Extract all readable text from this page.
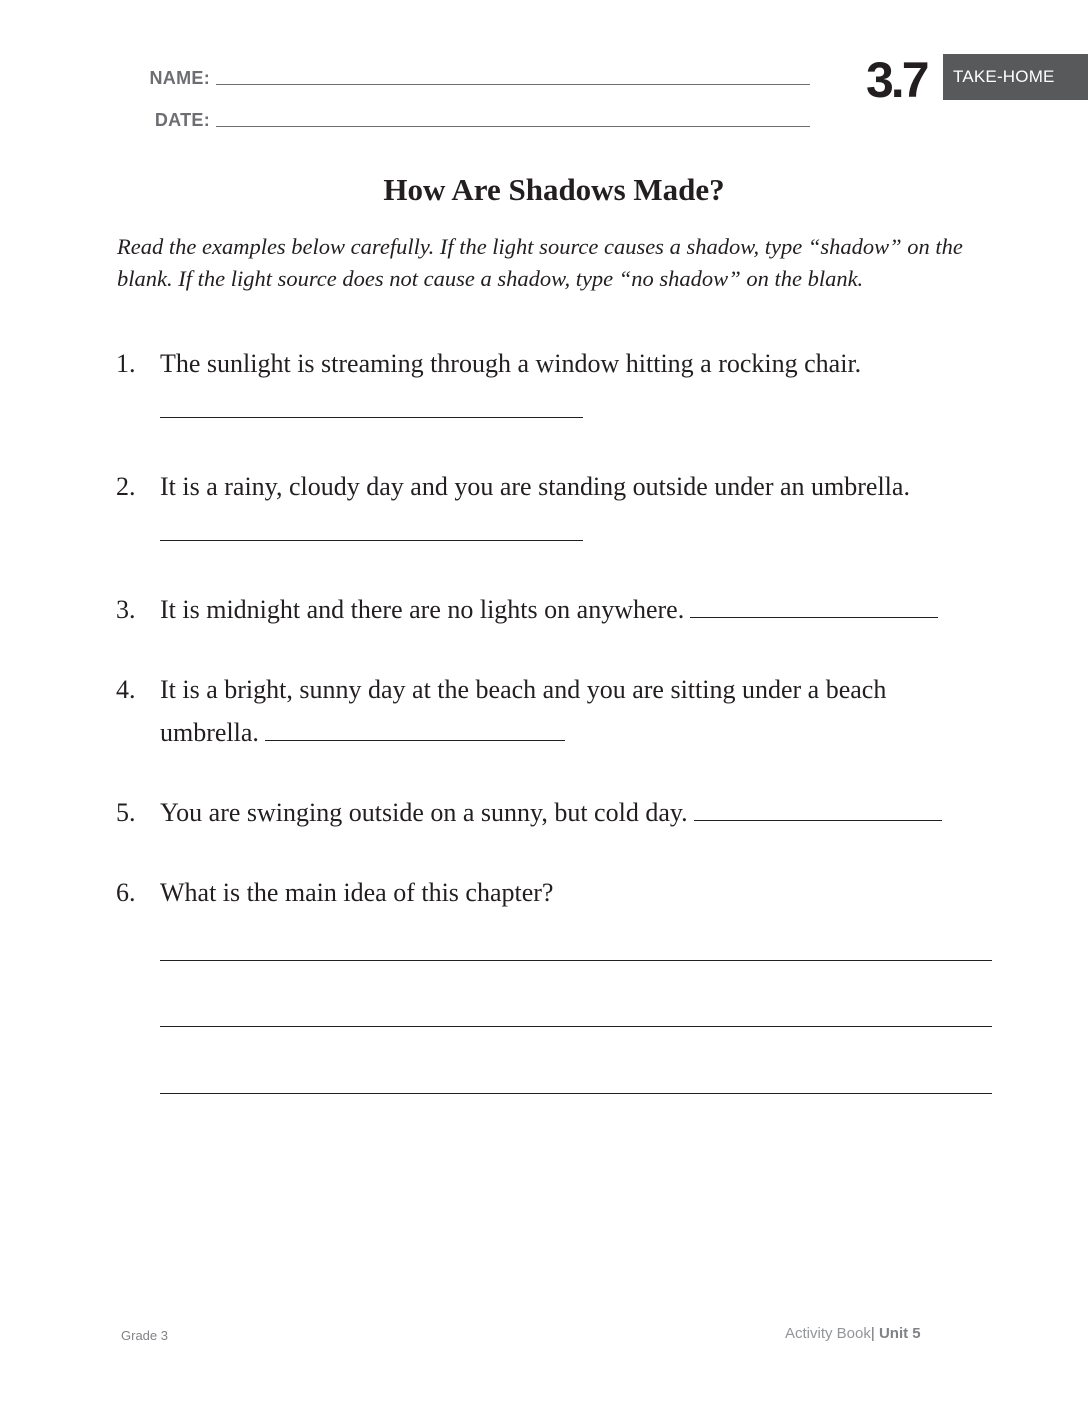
NAME:
DATE:
3.7	TAKE-HOME
How Are Shadows Made?
Read the examples below carefully. If the light source causes a shadow, type “shadow” on the blank. If the light source does not cause a shadow, type “no shadow” on the blank.
1. The sunlight is streaming through a window hitting a rocking chair.
2. It is a rainy, cloudy day and you are standing outside under an umbrella.
3. It is midnight and there are no lights on anywhere.
4. It is a bright, sunny day at the beach and you are sitting under a beach umbrella.
5. You are swinging outside on a sunny, but cold day.
6. What is the main idea of this chapter?
Grade 3	Activity Book| Unit 5
